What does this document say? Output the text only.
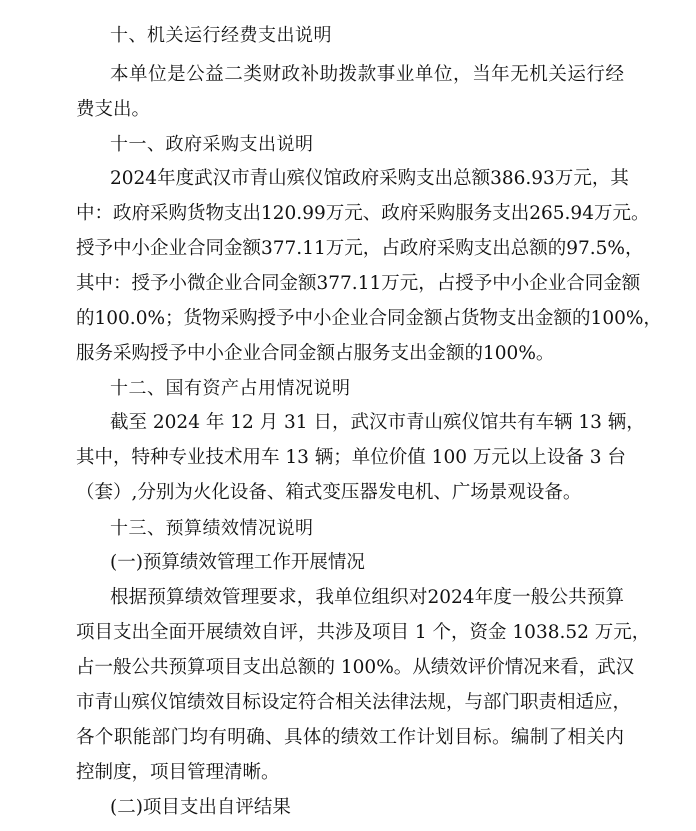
十、机关运行经费支出说明
本单位是公益二类财政补助拨款事业单位，当年无机关运行经
费支出。
十一、政府采购支出说明
2024年度武汉市青山殡仪馆政府采购支出总额386.93万元，其
中：政府采购货物支出120.99万元、政府采购服务支出265.94万元。
授予中小企业合同金额377.11万元，占政府采购支出总额的97.5%，
其中：授予小微企业合同金额377.11万元，占授予中小企业合同金额
的100.0%；货物采购授予中小企业合同金额占货物支出金额的100%，
服务采购授予中小企业合同金额占服务支出金额的100%。
十二、国有资产占用情况说明
截至 2024 年 12 月 31 日，武汉市青山殡仪馆共有车辆 13 辆，
其中，特种专业技术用车 13 辆；单位价值 100 万元以上设备 3 台
（套）,分别为火化设备、箱式变压器发电机、广场景观设备。
十三、预算绩效情况说明
(一)预算绩效管理工作开展情况
根据预算绩效管理要求，我单位组织对2024年度一般公共预算
项目支出全面开展绩效自评，共涉及项目 1 个，资金 1038.52 万元，
占一般公共预算项目支出总额的 100%。从绩效评价情况来看，武汉
市青山殡仪馆绩效目标设定符合相关法律法规，与部门职责相适应，
各个职能部门均有明确、具体的绩效工作计划目标。编制了相关内
控制度，项目管理清晰。
(二)项目支出自评结果
